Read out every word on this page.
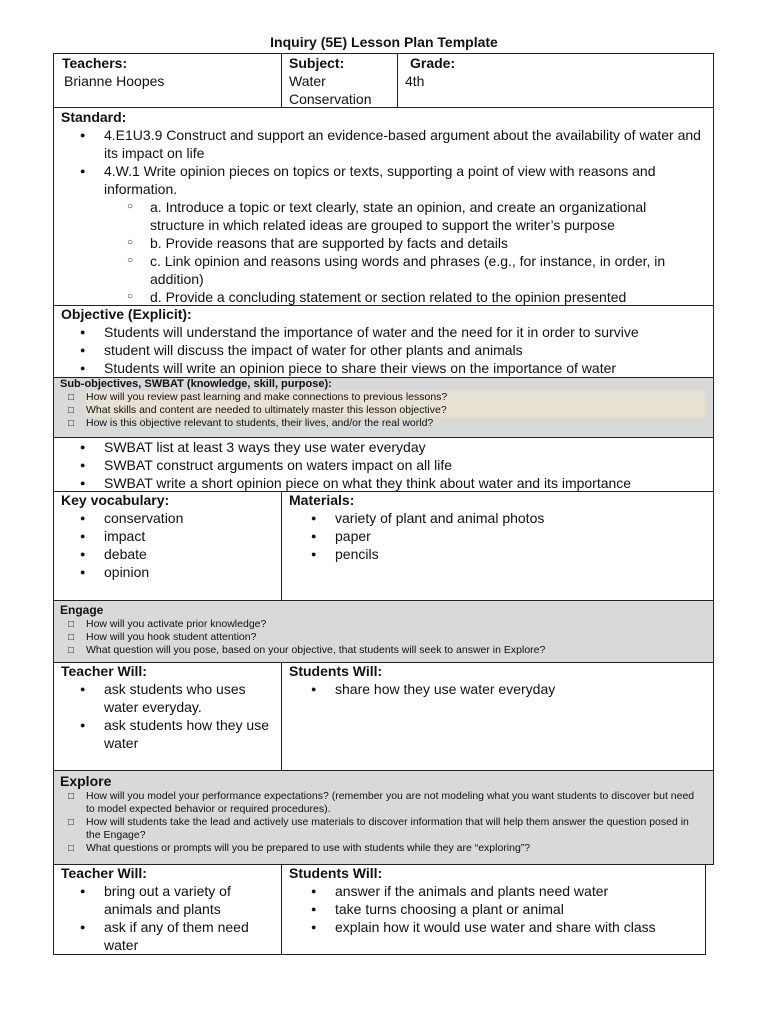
Inquiry (5E) Lesson Plan Template
Teachers:
Brianne Hoopes
Subject:
Water Conservation
Grade:
4th
Standard:
● 4.E1U3.9 Construct and support an evidence-based argument about the availability of water and its impact on life
● 4.W.1 Write opinion pieces on topics or texts, supporting a point of view with reasons and information.
○ a. Introduce a topic or text clearly, state an opinion, and create an organizational structure in which related ideas are grouped to support the writer’s purpose
○ b. Provide reasons that are supported by facts and details
○ c. Link opinion and reasons using words and phrases (e.g., for instance, in order, in addition)
○ d. Provide a concluding statement or section related to the opinion presented
Objective (Explicit):
● Students will understand the importance of water and the need for it in order to survive
● student will discuss the impact of water for other plants and animals
● Students will write an opinion piece to share their views on the importance of water
Sub-objectives, SWBAT (knowledge, skill, purpose):
□ How will you review past learning and make connections to previous lessons?
□ What skills and content are needed to ultimately master this lesson objective?
□ How is this objective relevant to students, their lives, and/or the real world?
● SWBAT list at least 3 ways they use water everyday
● SWBAT construct arguments on waters impact on all life
● SWBAT write a short opinion piece on what they think about water and its importance
Key vocabulary:
● conservation
● impact
● debate
● opinion
Materials:
● variety of plant and animal photos
● paper
● pencils
Engage
□ How will you activate prior knowledge?
□ How will you hook student attention?
□ What question will you pose, based on your objective, that students will seek to answer in Explore?
Teacher Will:
● ask students who uses water everyday.
● ask students how they use water
Students Will:
● share how they use water everyday
Explore
□ How will you model your performance expectations? (remember you are not modeling what you want students to discover but need to model expected behavior or required procedures).
□ How will students take the lead and actively use materials to discover information that will help them answer the question posed in the Engage?
□ What questions or prompts will you be prepared to use with students while they are “exploring”?
Teacher Will:
● bring out a variety of animals and plants
● ask if any of them need water
Students Will:
● answer if the animals and plants need water
● take turns choosing a plant or animal
● explain how it would use water and share with class
